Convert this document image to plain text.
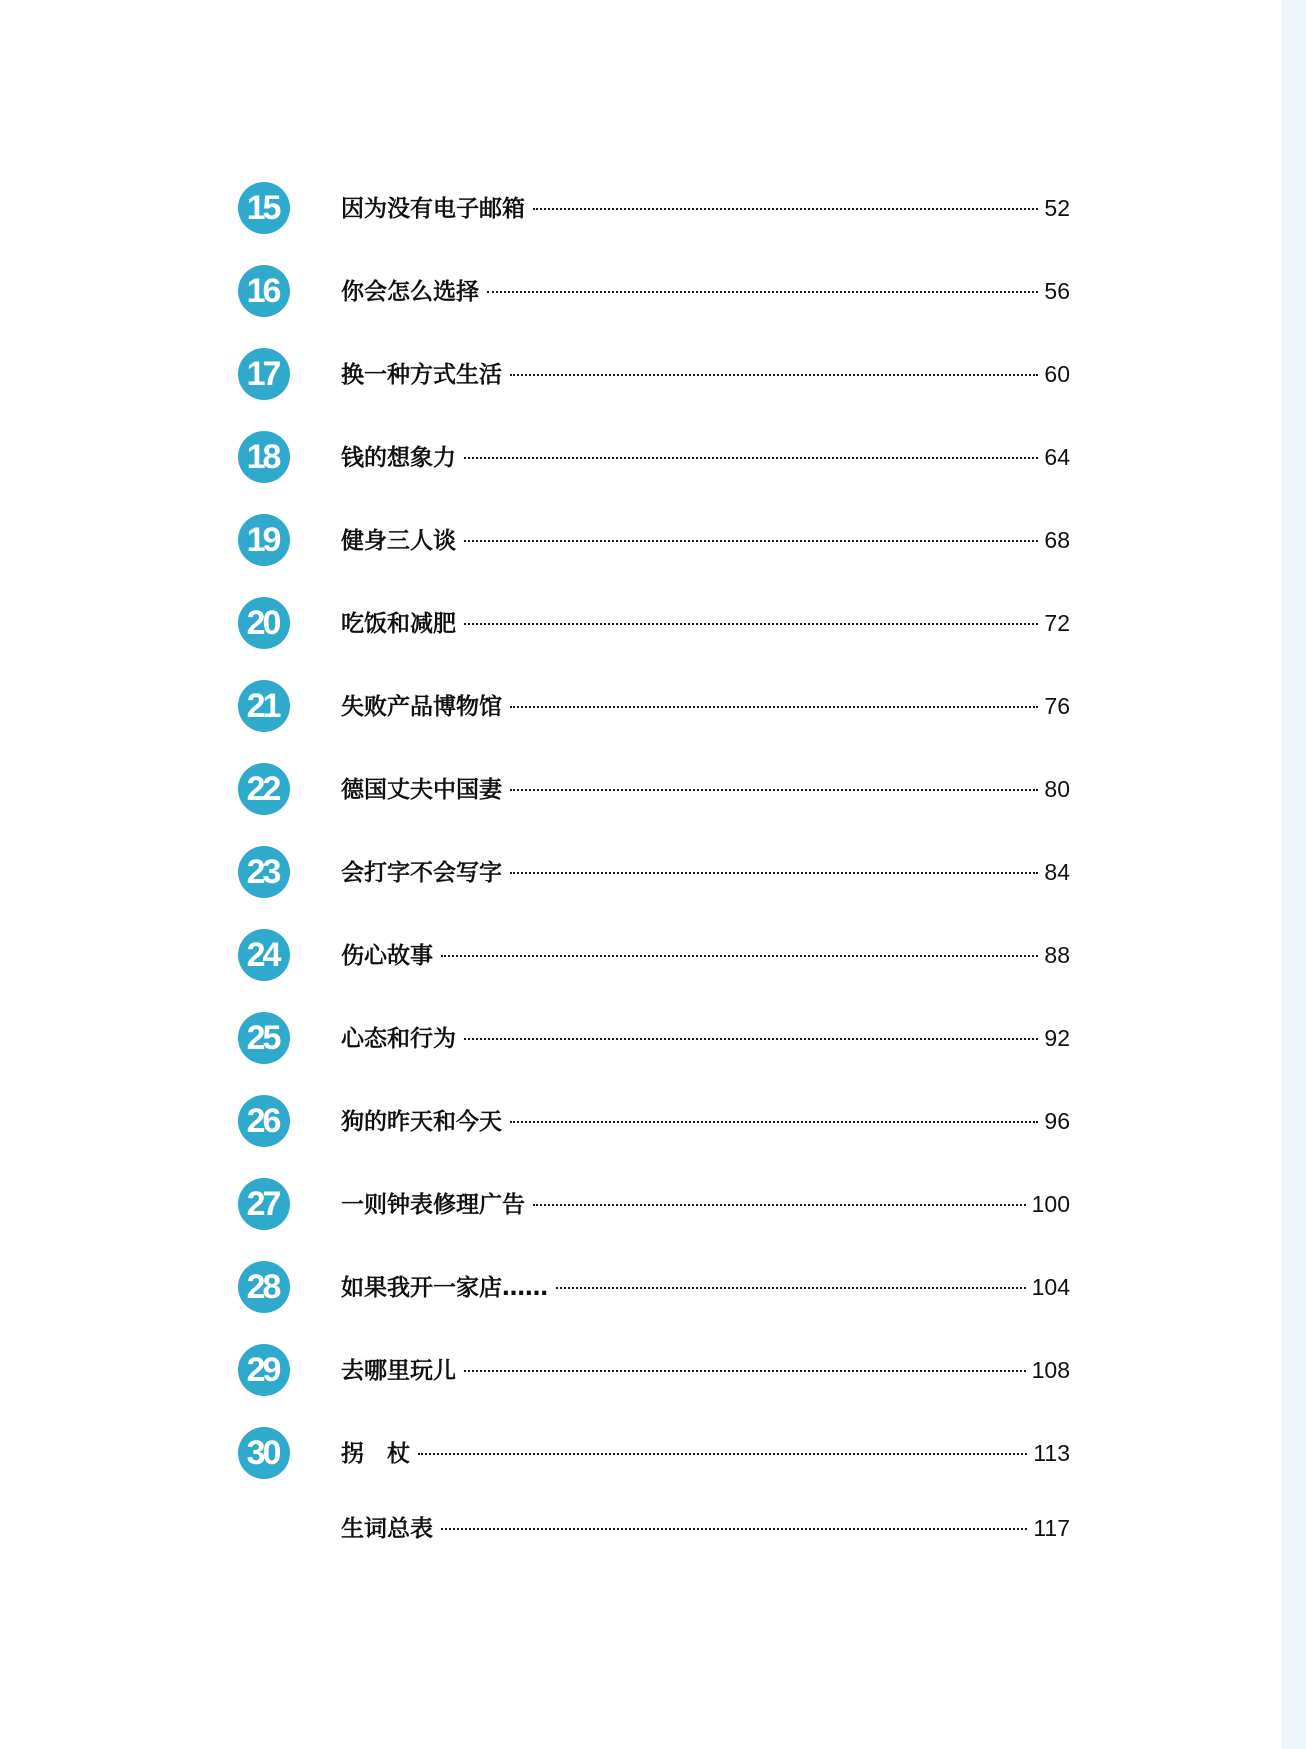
15	因为没有电子邮箱	52
16	你会怎么选择	56
17	换一种方式生活	60
18	钱的想象力	64
19	健身三人谈	68
20	吃饭和减肥	72
21	失败产品博物馆	76
22	德国丈夫中国妻	80
23	会打字不会写字	84
24	伤心故事	88
25	心态和行为	92
26	狗的昨天和今天	96
27	一则钟表修理广告	100
28	如果我开一家店……	104
29	去哪里玩儿	108
30	拐　杖	113
生词总表	117
